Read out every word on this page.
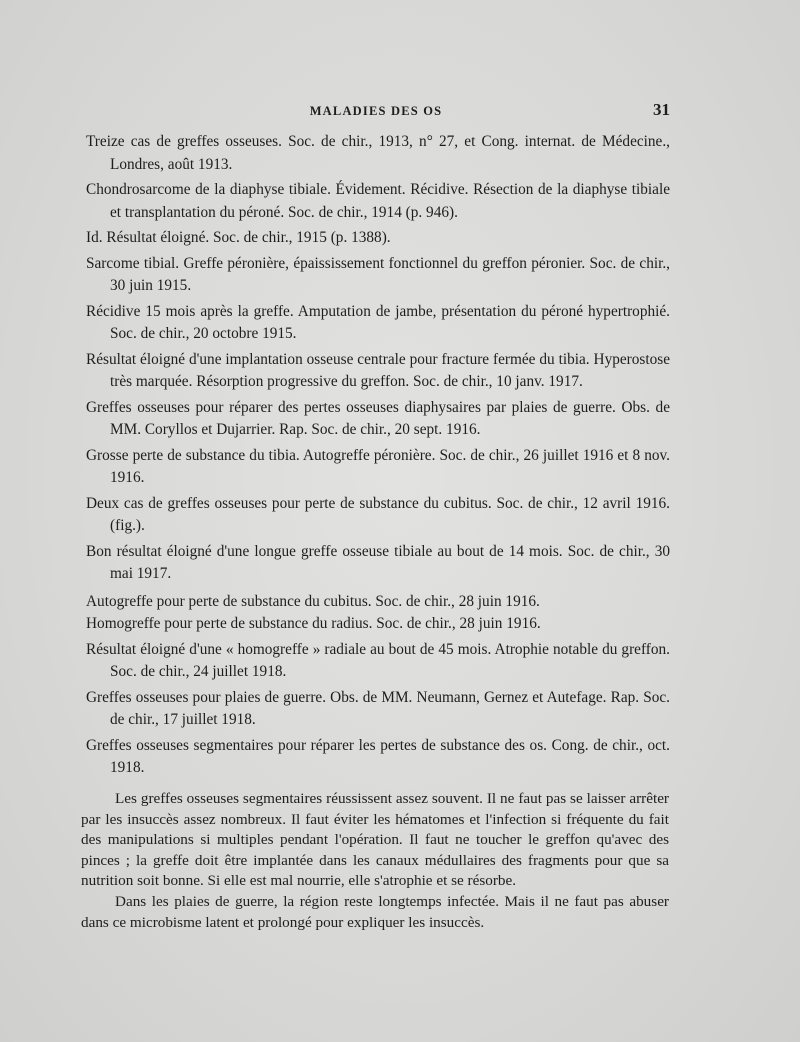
MALADIES DES OS	31

Treize cas de greffes osseuses. Soc. de chir., 1913, n° 27, et Cong. internat. de Médecine., Londres, août 1913.

Chondrosarcome de la diaphyse tibiale. Évidement. Récidive. Résection de la diaphyse tibiale et transplantation du péroné. Soc. de chir., 1914 (p. 946).

Id. Résultat éloigné. Soc. de chir., 1915 (p. 1388).

Sarcome tibial. Greffe péronière, épaississement fonctionnel du greffon péronier. Soc. de chir., 30 juin 1915.

Récidive 15 mois après la greffe. Amputation de jambe, présentation du péroné hypertrophié. Soc. de chir., 20 octobre 1915.

Résultat éloigné d'une implantation osseuse centrale pour fracture fermée du tibia. Hyperostose très marquée. Résorption progressive du greffon. Soc. de chir., 10 janv. 1917.

Greffes osseuses pour réparer des pertes osseuses diaphysaires par plaies de guerre. Obs. de MM. Coryllos et Dujarrier. Rap. Soc. de chir., 20 sept. 1916.

Grosse perte de substance du tibia. Autogreffe péronière. Soc. de chir., 26 juillet 1916 et 8 nov. 1916.

Deux cas de greffes osseuses pour perte de substance du cubitus. Soc. de chir., 12 avril 1916. (fig.).

Bon résultat éloigné d'une longue greffe osseuse tibiale au bout de 14 mois. Soc. de chir., 30 mai 1917.

Autogreffe pour perte de substance du cubitus. Soc. de chir., 28 juin 1916.

Homogreffe pour perte de substance du radius. Soc. de chir., 28 juin 1916.

Résultat éloigné d'une « homogreffe » radiale au bout de 45 mois. Atrophie notable du greffon. Soc. de chir., 24 juillet 1918.

Greffes osseuses pour plaies de guerre. Obs. de MM. Neumann, Gernez et Autefage. Rap. Soc. de chir., 17 juillet 1918.

Greffes osseuses segmentaires pour réparer les pertes de substance des os. Cong. de chir., oct. 1918.

Les greffes osseuses segmentaires réussissent assez souvent. Il ne faut pas se laisser arrêter par les insuccès assez nombreux. Il faut éviter les hématomes et l'infection si fréquente du fait des manipulations si multiples pendant l'opération. Il faut ne toucher le greffon qu'avec des pinces ; la greffe doit être implantée dans les canaux médullaires des fragments pour que sa nutrition soit bonne. Si elle est mal nourrie, elle s'atrophie et se résorbe.

Dans les plaies de guerre, la région reste longtemps infectée. Mais il ne faut pas abuser dans ce microbisme latent et prolongé pour expliquer les insuccès.
